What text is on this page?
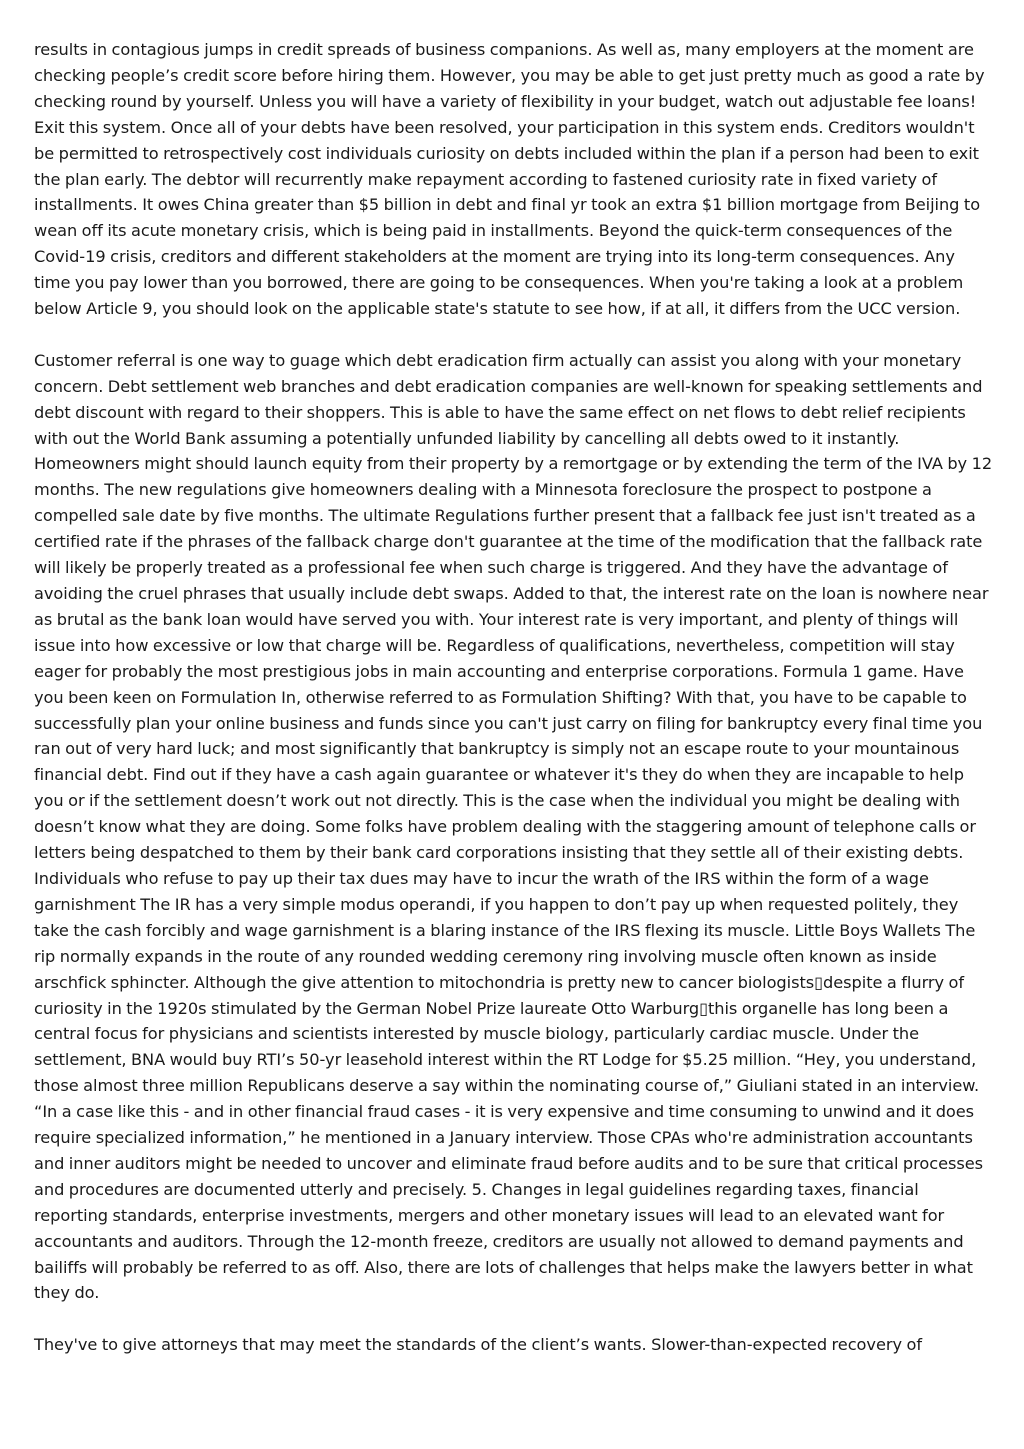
results in contagious jumps in credit spreads of business companions. As well as, many employers at the moment are checking people’s credit score before hiring them. However, you may be able to get just pretty much as good a rate by checking round by yourself. Unless you will have a variety of flexibility in your budget, watch out adjustable fee loans! Exit this system. Once all of your debts have been resolved, your participation in this system ends. Creditors wouldn't be permitted to retrospectively cost individuals curiosity on debts included within the plan if a person had been to exit the plan early. The debtor will recurrently make repayment according to fastened curiosity rate in fixed variety of installments. It owes China greater than $5 billion in debt and final yr took an extra $1 billion mortgage from Beijing to wean off its acute monetary crisis, which is being paid in installments. Beyond the quick-term consequences of the Covid-19 crisis, creditors and different stakeholders at the moment are trying into its long-term consequences. Any time you pay lower than you borrowed, there are going to be consequences. When you're taking a look at a problem below Article 9, you should look on the applicable state's statute to see how, if at all, it differs from the UCC version.

Customer referral is one way to guage which debt eradication firm actually can assist you along with your monetary concern. Debt settlement web branches and debt eradication companies are well-known for speaking settlements and debt discount with regard to their shoppers. This is able to have the same effect on net flows to debt relief recipients with out the World Bank assuming a potentially unfunded liability by cancelling all debts owed to it instantly. Homeowners might should launch equity from their property by a remortgage or by extending the term of the IVA by 12 months. The new regulations give homeowners dealing with a Minnesota foreclosure the prospect to postpone a compelled sale date by five months. The ultimate Regulations further present that a fallback fee just isn't treated as a certified rate if the phrases of the fallback charge don't guarantee at the time of the modification that the fallback rate will likely be properly treated as a professional fee when such charge is triggered. And they have the advantage of avoiding the cruel phrases that usually include debt swaps. Added to that, the interest rate on the loan is nowhere near as brutal as the bank loan would have served you with. Your interest rate is very important, and plenty of things will issue into how excessive or low that charge will be. Regardless of qualifications, nevertheless, competition will stay eager for probably the most prestigious jobs in main accounting and enterprise corporations. Formula 1 game. Have you been keen on Formulation In, otherwise referred to as Formulation Shifting? With that, you have to be capable to successfully plan your online business and funds since you can't just carry on filing for bankruptcy every final time you ran out of very hard luck; and most significantly that bankruptcy is simply not an escape route to your mountainous financial debt. Find out if they have a cash again guarantee or whatever it's they do when they are incapable to help you or if the settlement doesn’t work out not directly. This is the case when the individual you might be dealing with doesn’t know what they are doing. Some folks have problem dealing with the staggering amount of telephone calls or letters being despatched to them by their bank card corporations insisting that they settle all of their existing debts. Individuals who refuse to pay up their tax dues may have to incur the wrath of the IRS within the form of a wage garnishment The IR has a very simple modus operandi, if you happen to don’t pay up when requested politely, they take the cash forcibly and wage garnishment is a blaring instance of the IRS flexing its muscle. Little Boys Wallets The rip normally expands in the route of any rounded wedding ceremony ring involving muscle often known as inside arschfick sphincter. Although the give attention to mitochondria is pretty new to cancer biologists▯despite a flurry of curiosity in the 1920s stimulated by the German Nobel Prize laureate Otto Warburg▯this organelle has long been a central focus for physicians and scientists interested by muscle biology, particularly cardiac muscle. Under the settlement, BNA would buy RTI’s 50-yr leasehold interest within the RT Lodge for $5.25 million. “Hey, you understand, those almost three million Republicans deserve a say within the nominating course of,” Giuliani stated in an interview. “In a case like this - and in other financial fraud cases - it is very expensive and time consuming to unwind and it does require specialized information,” he mentioned in a January interview. Those CPAs who're administration accountants and inner auditors might be needed to uncover and eliminate fraud before audits and to be sure that critical processes and procedures are documented utterly and precisely. 5. Changes in legal guidelines regarding taxes, financial reporting standards, enterprise investments, mergers and other monetary issues will lead to an elevated want for accountants and auditors. Through the 12-month freeze, creditors are usually not allowed to demand payments and bailiffs will probably be referred to as off. Also, there are lots of challenges that helps make the lawyers better in what they do.

They've to give attorneys that may meet the standards of the client’s wants. Slower-than-expected recovery of
